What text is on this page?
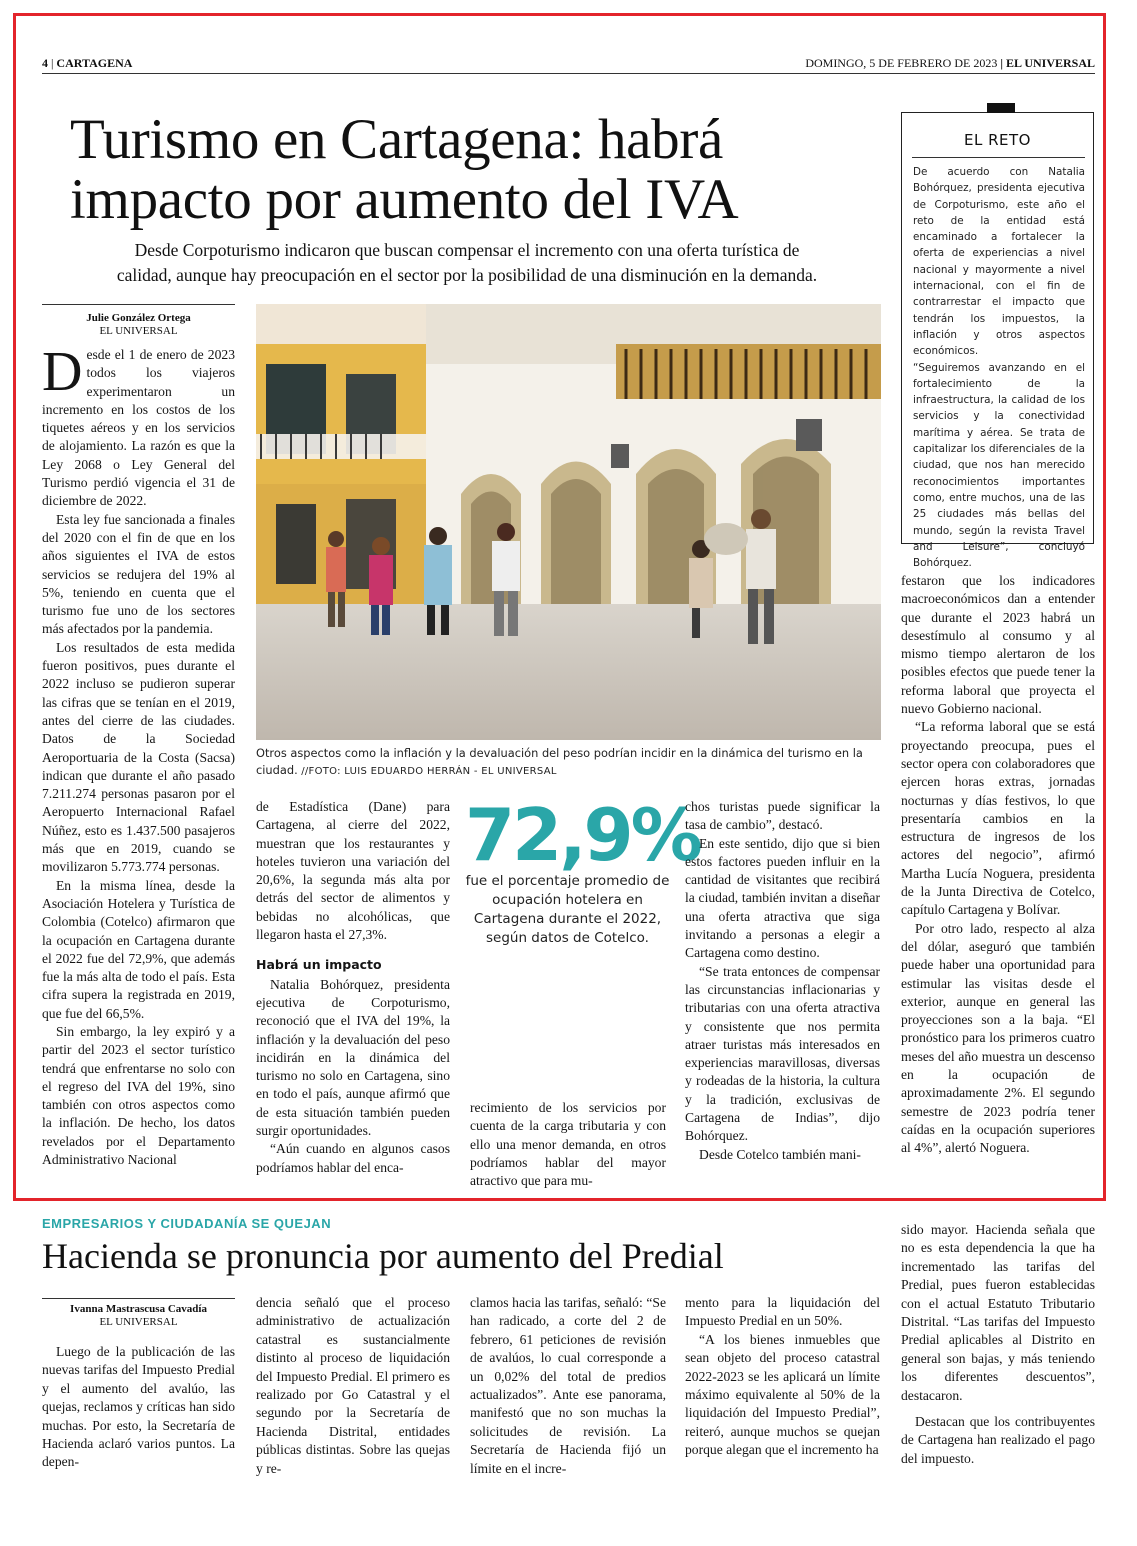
4 | CARTAGENA	DOMINGO, 5 DE FEBRERO DE 2023 | EL UNIVERSAL
Turismo en Cartagena: habrá
impacto por aumento del IVA
Desde Corpoturismo indicaron que buscan compensar el incremento con una oferta turística de
calidad, aunque hay preocupación en el sector por la posibilidad de una disminución en la demanda.
EL RETO
De acuerdo con Natalia Bohórquez, presidenta ejecutiva de Corpoturismo, este año el reto de la entidad está encaminado a fortalecer la oferta de experiencias a nivel nacional y mayormente a nivel internacional, con el fin de contrarrestar el impacto que tendrán los impuestos, la inflación y otros aspectos económicos.
“Seguiremos avanzando en el fortalecimiento de la infraestructura, la calidad de los servicios y la conectividad marítima y aérea. Se trata de capitalizar los diferenciales de la ciudad, que nos han merecido reconocimientos importantes como, entre muchos, una de las 25 ciudades más bellas del mundo, según la revista Travel and Leisure”, concluyó Bohórquez.
Julie González Ortega
EL UNIVERSAL

Desde el 1 de enero de 2023 todos los viajeros experimentaron un incremento en los costos de los tiquetes aéreos y en los servicios de alojamiento. La razón es que la Ley 2068 o Ley General del Turismo perdió vigencia el 31 de diciembre de 2022.

Esta ley fue sancionada a finales del 2020 con el fin de que en los años siguientes el IVA de estos servicios se redujera del 19% al 5%, teniendo en cuenta que el turismo fue uno de los sectores más afectados por la pandemia.

Los resultados de esta medida fueron positivos, pues durante el 2022 incluso se pudieron superar las cifras que se tenían en el 2019, antes del cierre de las ciudades. Datos de la Sociedad Aeroportuaria de la Costa (Sacsa) indican que durante el año pasado 7.211.274 personas pasaron por el Aeropuerto Internacional Rafael Núñez, esto es 1.437.500 pasajeros más que en 2019, cuando se movilizaron 5.773.774 personas.

En la misma línea, desde la Asociación Hotelera y Turística de Colombia (Cotelco) afirmaron que la ocupación en Cartagena durante el 2022 fue del 72,9%, que además fue la más alta de todo el país. Esta cifra supera la registrada en 2019, que fue del 66,5%.

Sin embargo, la ley expiró y a partir del 2023 el sector turístico tendrá que enfrentarse no solo con el regreso del IVA del 19%, sino también con otros aspectos como la inflación. De hecho, los datos revelados por el Departamento Administrativo Nacional

Otros aspectos como la inflación y la devaluación del peso podrían incidir en la dinámica del turismo en la ciudad. //FOTO: LUIS EDUARDO HERRÁN - EL UNIVERSAL

de Estadística (Dane) para Cartagena, al cierre del 2022, muestran que los restaurantes y hoteles tuvieron una variación del 20,6%, la segunda más alta por detrás del sector de alimentos y bebidas no alcohólicas, que llegaron hasta el 27,3%.

Habrá un impacto

Natalia Bohórquez, presidenta ejecutiva de Corpoturismo, reconoció que el IVA del 19%, la inflación y la devaluación del peso incidirán en la dinámica del turismo no solo en Cartagena, sino en todo el país, aunque afirmó que de esta situación también pueden surgir oportunidades.

“Aún cuando en algunos casos podríamos hablar del enca-

72,9%
fue el porcentaje promedio de
ocupación hotelera en
Cartagena durante el 2022,
según datos de Cotelco.

recimiento de los servicios por cuenta de la carga tributaria y con ello una menor demanda, en otros podríamos hablar del mayor atractivo que para mu-

chos turistas puede significar la tasa de cambio”, destacó.

En este sentido, dijo que si bien estos factores pueden influir en la cantidad de visitantes que recibirá la ciudad, también invitan a diseñar una oferta atractiva que siga invitando a personas a elegir a Cartagena como destino.

“Se trata entonces de compensar las circunstancias inflacionarias y tributarias con una oferta atractiva y consistente que nos permita atraer turistas más interesados en experiencias maravillosas, diversas y rodeadas de la historia, la cultura y la tradición, exclusivas de Cartagena de Indias”, dijo Bohórquez.

Desde Cotelco también mani-

festaron que los indicadores macroeconómicos dan a entender que durante el 2023 habrá un desestímulo al consumo y al mismo tiempo alertaron de los posibles efectos que puede tener la reforma laboral que proyecta el nuevo Gobierno nacional.

“La reforma laboral que se está proyectando preocupa, pues el sector opera con colaboradores que ejercen horas extras, jornadas nocturnas y días festivos, lo que presentaría cambios en la estructura de ingresos de los actores del negocio”, afirmó Martha Lucía Noguera, presidenta de la Junta Directiva de Cotelco, capítulo Cartagena y Bolívar.

Por otro lado, respecto al alza del dólar, aseguró que también puede haber una oportunidad para estimular las visitas desde el exterior, aunque en general las proyecciones son a la baja. “El pronóstico para los primeros cuatro meses del año muestra un descenso en la ocupación de aproximadamente 2%. El segundo semestre de 2023 podría tener caídas en la ocupación superiores al 4%”, alertó Noguera.

EMPRESARIOS Y CIUDADANÍA SE QUEJAN
Hacienda se pronuncia por aumento del Predial
Ivanna Mastrascusa Cavadía
EL UNIVERSAL

Luego de la publicación de las nuevas tarifas del Impuesto Predial y el aumento del avalúo, las quejas, reclamos y críticas han sido muchas. Por esto, la Secretaría de Hacienda aclaró varios puntos. La depen-

dencia señaló que el proceso administrativo de actualización catastral es sustancialmente distinto al proceso de liquidación del Impuesto Predial. El primero es realizado por Go Catastral y el segundo por la Secretaría de Hacienda Distrital, entidades públicas distintas. Sobre las quejas y re-

clamos hacia las tarifas, señaló: “Se han radicado, a corte del 2 de febrero, 61 peticiones de revisión de avalúos, lo cual corresponde a un 0,02% del total de predios actualizados”. Ante ese panorama, manifestó que no son muchas la solicitudes de revisión. La Secretaría de Hacienda fijó un límite en el incre-

mento para la liquidación del Impuesto Predial en un 50%.

“A los bienes inmuebles que sean objeto del proceso catastral 2022-2023 se les aplicará un límite máximo equivalente al 50% de la liquidación del Impuesto Predial”, reiteró, aunque muchos se quejan porque alegan que el incremento ha

sido mayor. Hacienda señala que no es esta dependencia la que ha incrementado las tarifas del Predial, pues fueron establecidas con el actual Estatuto Tributario Distrital. “Las tarifas del Impuesto Predial aplicables al Distrito en general son bajas, y más teniendo los diferentes descuentos”, destacaron.

Destacan que los contribuyentes de Cartagena han realizado el pago del impuesto.
